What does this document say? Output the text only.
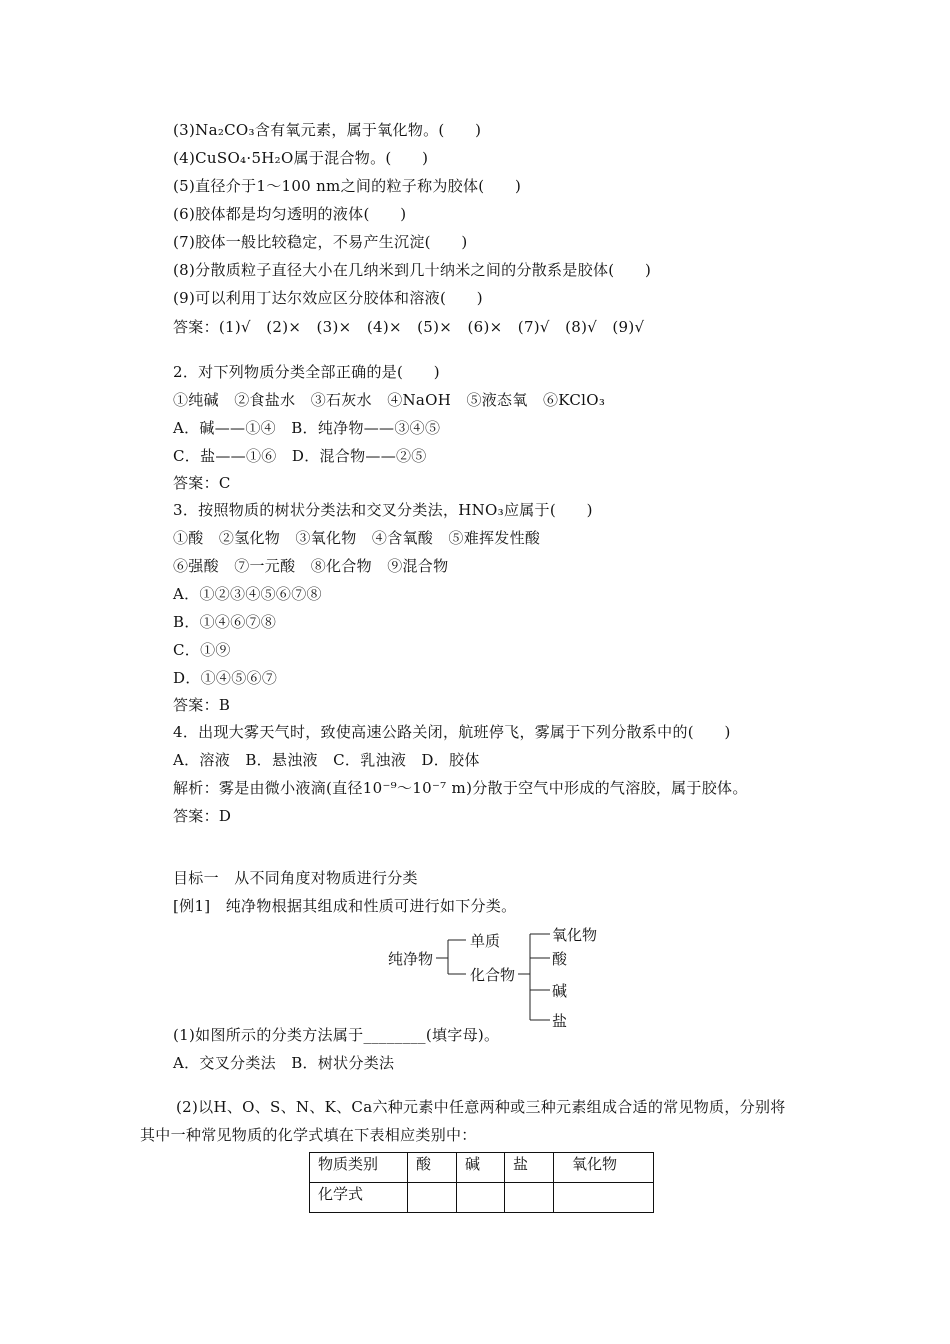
(3)Na₂CO₃含有氧元素，属于氧化物。(　　)
(4)CuSO₄·5H₂O属于混合物。(　　)
(5)直径介于1～100 nm之间的粒子称为胶体(　　)
(6)胶体都是均匀透明的液体(　　)
(7)胶体一般比较稳定，不易产生沉淀(　　)
(8)分散质粒子直径大小在几纳米到几十纳米之间的分散系是胶体(　　)
(9)可以利用丁达尔效应区分胶体和溶液(　　)
答案：(1)√　(2)×　(3)×　(4)×　(5)×　(6)×　(7)√　(8)√　(9)√
2．对下列物质分类全部正确的是(　　)
①纯碱　②食盐水　③石灰水　④NaOH　⑤液态氧　⑥KClO₃
A．碱——①④　B．纯净物——③④⑤
C．盐——①⑥　D．混合物——②⑤
答案：C
3．按照物质的树状分类法和交叉分类法，HNO₃应属于(　　)
①酸　②氢化物　③氧化物　④含氧酸　⑤难挥发性酸
⑥强酸　⑦一元酸　⑧化合物　⑨混合物
A．①②③④⑤⑥⑦⑧
B．①④⑥⑦⑧
C．①⑨
D．①④⑤⑥⑦
答案：B
4．出现大雾天气时，致使高速公路关闭，航班停飞，雾属于下列分散系中的(　　)
A．溶液　B．悬浊液　C．乳浊液　D．胶体
解析：雾是由微小液滴(直径10⁻⁹～10⁻⁷ m)分散于空气中形成的气溶胶，属于胶体。
答案：D
目标一　从不同角度对物质进行分类
[例1]　纯净物根据其组成和性质可进行如下分类。
纯净物
单质
化合物
氧化物
酸
碱
盐
(1)如图所示的分类方法属于________(填字母)。
A．交叉分类法　B．树状分类法
(2)以H、O、S、N、K、Ca六种元素中任意两种或三种元素组成合适的常见物质，分别将
其中一种常见物质的化学式填在下表相应类别中：
物质类别	酸	碱	盐	氧化物
化学式				
